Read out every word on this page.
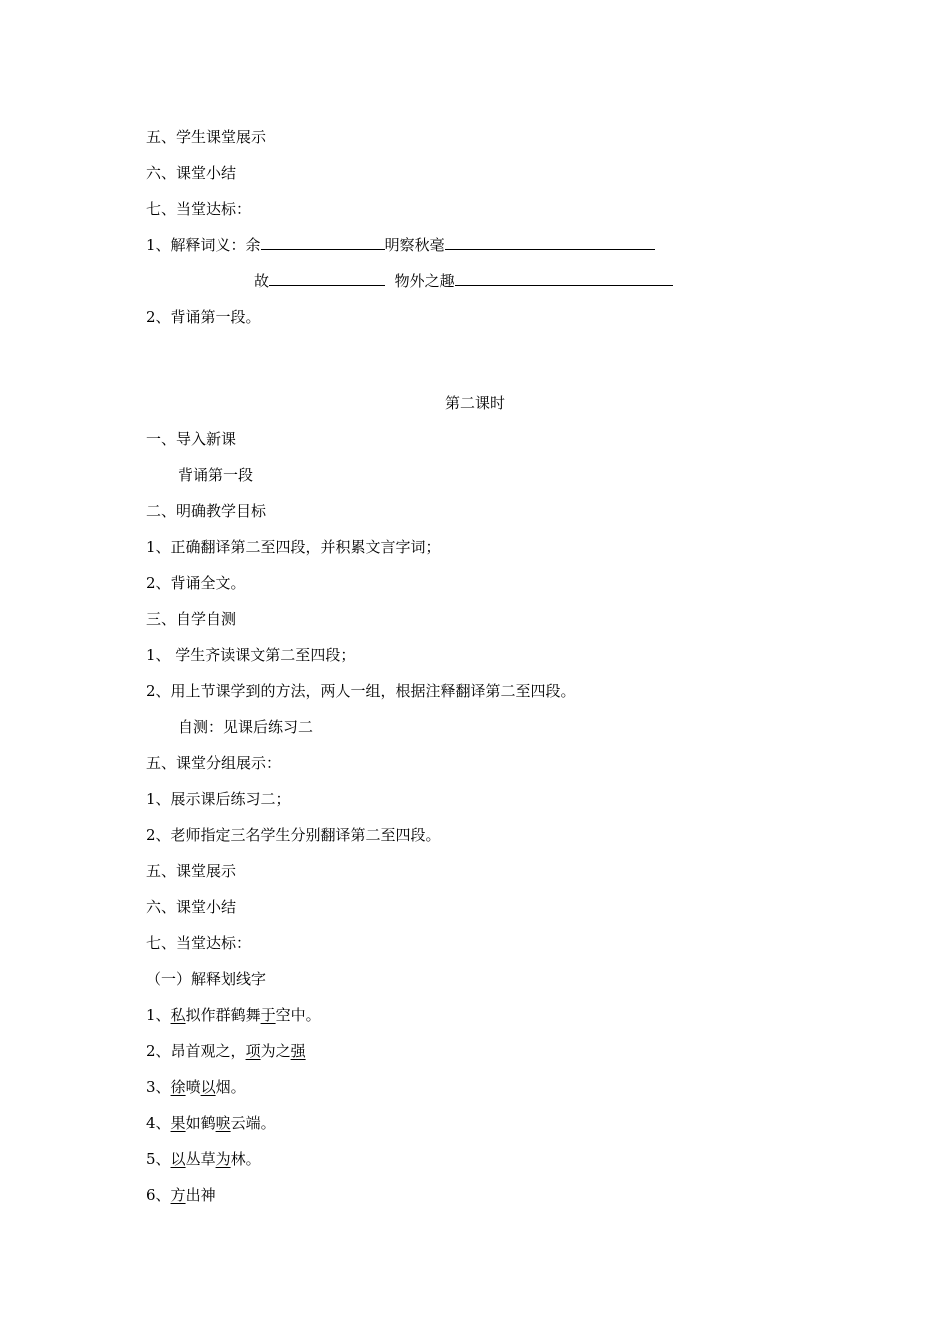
五、学生课堂展示
六、课堂小结
七、当堂达标：
1、解释词义：余	明察秋毫
故	物外之趣
2、背诵第一段。
第二课时
一、导入新课
背诵第一段
二、明确教学目标
1、正确翻译第二至四段，并积累文言字词；
2、背诵全文。
三、自学自测
1、 学生齐读课文第二至四段；
2、用上节课学到的方法，两人一组，根据注释翻译第二至四段。
自测：见课后练习二
五、课堂分组展示：
1、展示课后练习二；
2、老师指定三名学生分别翻译第二至四段。
五、课堂展示
六、课堂小结
七、当堂达标：
（一）解释划线字
1、私拟作群鹤舞于空中。
2、昂首观之，项为之强
3、徐喷以烟。
4、果如鹤唳云端。
5、以丛草为林。
6、方出神
